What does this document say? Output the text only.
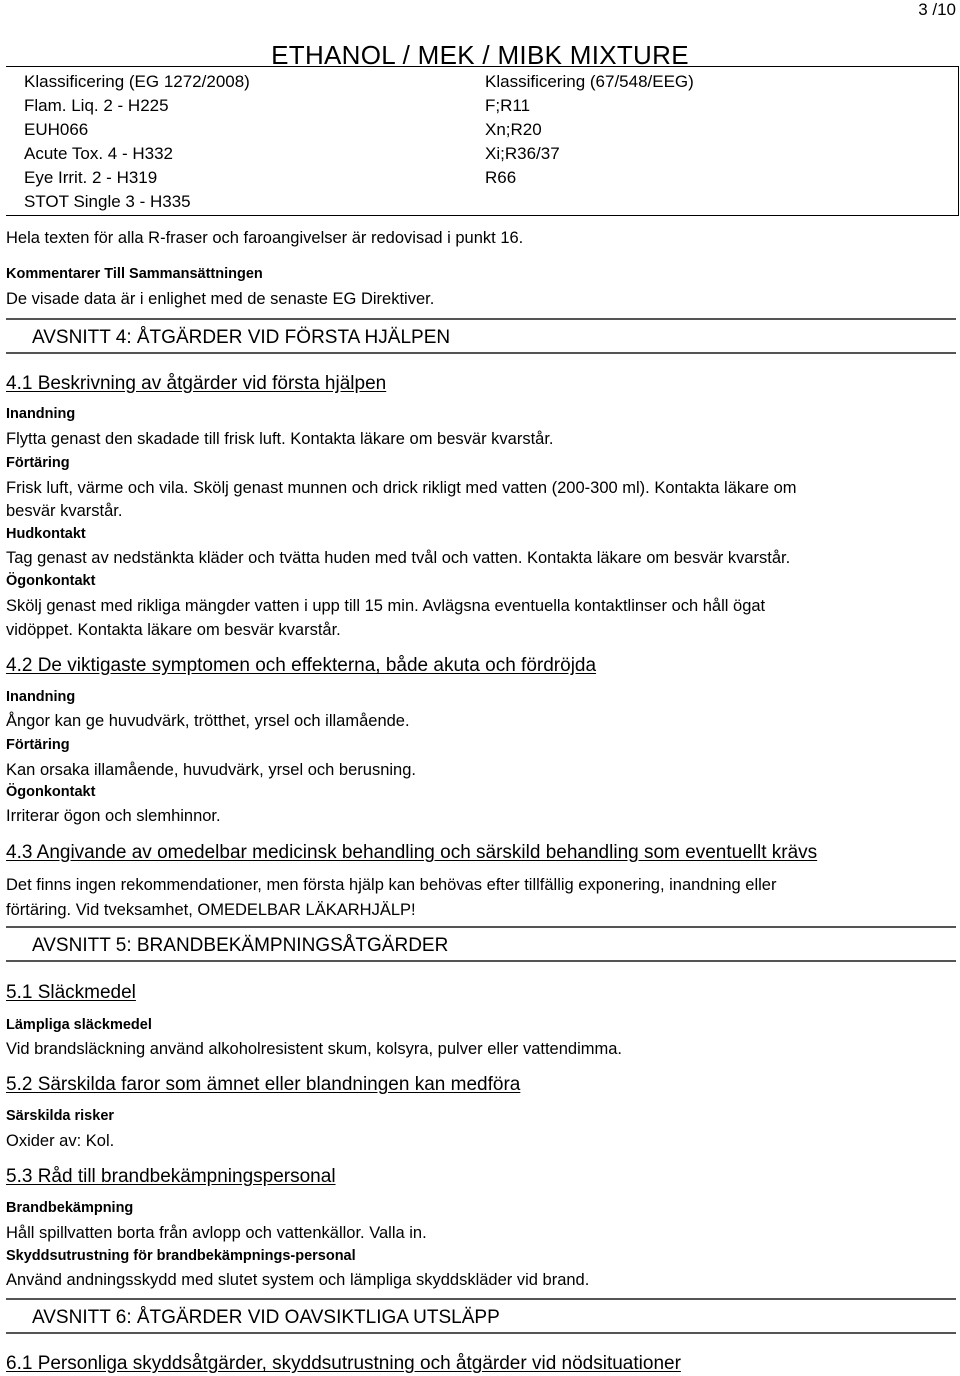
3 /10
ETHANOL / MEK / MIBK MIXTURE
Klassificering (EG 1272/2008)
Flam. Liq. 2 - H225
EUH066
Acute Tox. 4 - H332
Eye Irrit. 2 - H319
STOT Single 3 - H335
Klassificering (67/548/EEG)
F;R11
Xn;R20
Xi;R36/37
R66
Hela texten för alla R-fraser och faroangivelser är redovisad i punkt 16.
Kommentarer Till Sammansättningen
De visade data är i enlighet med de senaste EG Direktiver.
AVSNITT 4: ÅTGÄRDER VID FÖRSTA HJÄLPEN
4.1 Beskrivning av åtgärder vid första hjälpen
Inandning
Flytta genast den skadade till frisk luft. Kontakta läkare om besvär kvarstår.
Förtäring
Frisk luft, värme och vila. Skölj genast munnen och drick rikligt med vatten (200-300 ml). Kontakta läkare om
besvär kvarstår.
Hudkontakt
Tag genast av nedstänkta kläder och tvätta huden med tvål och vatten. Kontakta läkare om besvär kvarstår.
Ögonkontakt
Skölj genast med rikliga mängder vatten i upp till 15 min. Avlägsna eventuella kontaktlinser och håll ögat
vidöppet. Kontakta läkare om besvär kvarstår.
4.2 De viktigaste symptomen och effekterna, både akuta och fördröjda
Inandning
Ångor kan ge huvudvärk, trötthet, yrsel och illamående.
Förtäring
Kan orsaka illamående, huvudvärk, yrsel och berusning.
Ögonkontakt
Irriterar ögon och slemhinnor.
4.3 Angivande av omedelbar medicinsk behandling och särskild behandling som eventuellt krävs
Det finns ingen rekommendationer, men första hjälp kan behövas efter tillfällig exponering, inandning eller
förtäring. Vid tveksamhet, OMEDELBAR LÄKARHJÄLP!
AVSNITT 5: BRANDBEKÄMPNINGSÅTGÄRDER
5.1 Släckmedel
Lämpliga släckmedel
Vid brandsläckning använd alkoholresistent skum, kolsyra, pulver eller vattendimma.
5.2 Särskilda faror som ämnet eller blandningen kan medföra
Särskilda risker
Oxider av: Kol.
5.3 Råd till brandbekämpningspersonal
Brandbekämpning
Håll spillvatten borta från avlopp och vattenkällor. Valla in.
Skyddsutrustning för brandbekämpnings-personal
Använd andningsskydd med slutet system och lämpliga skyddskläder vid brand.
AVSNITT 6: ÅTGÄRDER VID OAVSIKTLIGA UTSLÄPP
6.1 Personliga skyddsåtgärder, skyddsutrustning och åtgärder vid nödsituationer
